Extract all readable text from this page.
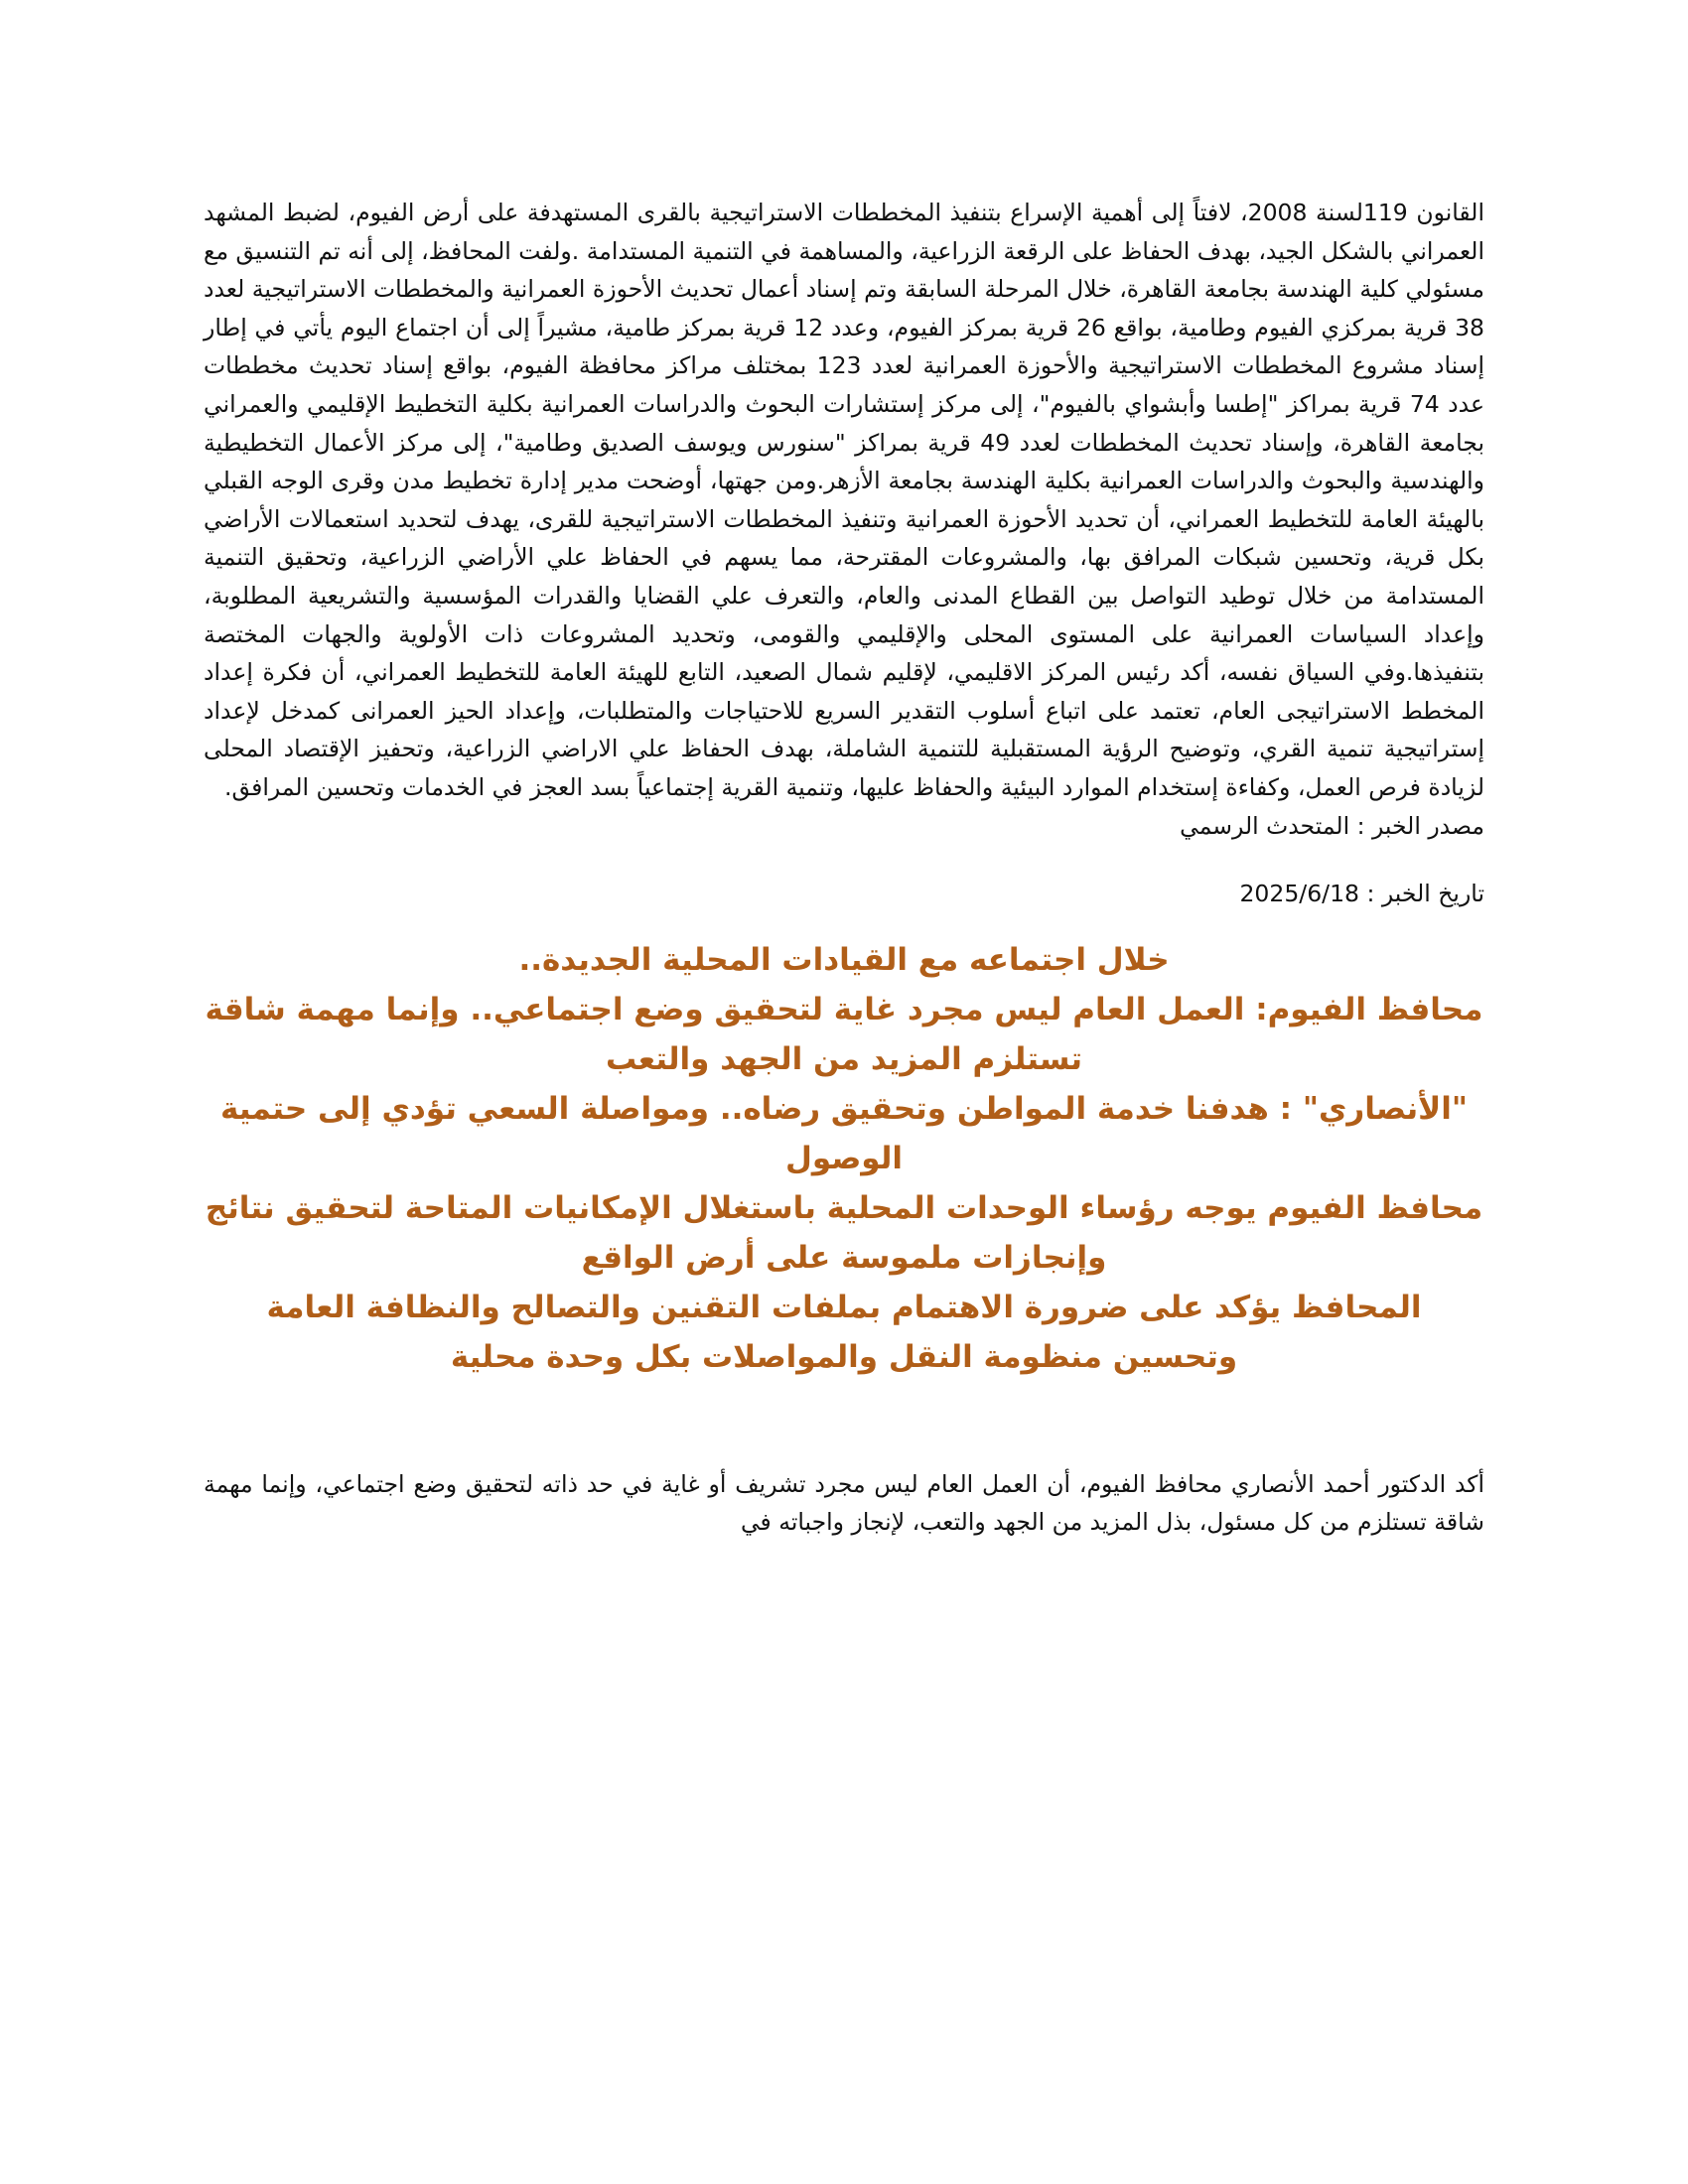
القانون 119لسنة 2008، لافتاً إلى أهمية الإسراع بتنفيذ المخططات الاستراتيجية بالقرى المستهدفة على أرض الفيوم، لضبط المشهد العمراني بالشكل الجيد، بهدف الحفاظ على الرقعة الزراعية، والمساهمة في التنمية المستدامة .ولفت المحافظ، إلى أنه تم التنسيق مع مسئولي كلية الهندسة بجامعة القاهرة، خلال المرحلة السابقة وتم إسناد أعمال تحديث الأحوزة العمرانية والمخططات الاستراتيجية لعدد 38 قرية بمركزي الفيوم وطامية، بواقع 26 قرية بمركز الفيوم، وعدد 12 قرية بمركز طامية، مشيراً إلى أن اجتماع اليوم يأتي في إطار إسناد مشروع المخططات الاستراتيجية والأحوزة العمرانية لعدد 123 بمختلف مراكز محافظة الفيوم، بواقع إسناد تحديث مخططات عدد 74 قرية بمراكز "إطسا وأبشواي بالفيوم"، إلى مركز إستشارات البحوث والدراسات العمرانية بكلية التخطيط الإقليمي والعمراني بجامعة القاهرة، وإسناد تحديث المخططات لعدد 49 قرية بمراكز "سنورس ويوسف الصديق وطامية"، إلى مركز الأعمال التخطيطية والهندسية والبحوث والدراسات العمرانية بكلية الهندسة بجامعة الأزهر.ومن جهتها، أوضحت مدير إدارة تخطيط مدن وقرى الوجه القبلي بالهيئة العامة للتخطيط العمراني، أن تحديد الأحوزة العمرانية وتنفيذ المخططات الاستراتيجية للقرى، يهدف لتحديد استعمالات الأراضي بكل قرية، وتحسين شبكات المرافق بها، والمشروعات المقترحة، مما يسهم في الحفاظ علي الأراضي الزراعية، وتحقيق التنمية المستدامة من خلال توطيد التواصل بين القطاع المدنى والعام، والتعرف علي القضايا والقدرات المؤسسية والتشريعية المطلوبة، وإعداد السياسات العمرانية على المستوى المحلى والإقليمي والقومى، وتحديد المشروعات ذات الأولوية والجهات المختصة بتنفيذها.وفي السياق نفسه، أكد رئيس المركز الاقليمي، لإقليم شمال الصعيد، التابع للهيئة العامة للتخطيط العمراني، أن فكرة إعداد المخطط الاستراتيجى العام، تعتمد على اتباع أسلوب التقدير السريع للاحتياجات والمتطلبات، وإعداد الحيز العمرانى كمدخل لإعداد إستراتيجية تنمية القري، وتوضيح الرؤية المستقبلية للتنمية الشاملة، بهدف الحفاظ علي الاراضي الزراعية، وتحفيز الإقتصاد المحلى لزيادة فرص العمل، وكفاءة إستخدام الموارد البيئية والحفاظ عليها، وتنمية القرية إجتماعياً بسد العجز في الخدمات وتحسين المرافق.

مصدر الخبر : المتحدث الرسمي

تاريخ الخبر : 2025/6/18

خلال اجتماعه مع القيادات المحلية الجديدة..

محافظ الفيوم: العمل العام ليس مجرد غاية لتحقيق وضع اجتماعي.. وإنما مهمة شاقة تستلزم المزيد من الجهد والتعب

"الأنصاري" : هدفنا خدمة المواطن وتحقيق رضاه.. ومواصلة السعي تؤدي إلى حتمية الوصول

محافظ الفيوم يوجه رؤساء الوحدات المحلية باستغلال الإمكانيات المتاحة لتحقيق نتائج وإنجازات ملموسة على أرض الواقع

المحافظ يؤكد على ضرورة الاهتمام بملفات التقنين والتصالح والنظافة العامة وتحسين منظومة النقل والمواصلات بكل وحدة محلية

أكد الدكتور أحمد الأنصاري محافظ الفيوم، أن العمل العام ليس مجرد تشريف أو غاية في حد ذاته لتحقيق وضع اجتماعي، وإنما مهمة شاقة تستلزم من كل مسئول، بذل المزيد من الجهد والتعب، لإنجاز واجباته في
